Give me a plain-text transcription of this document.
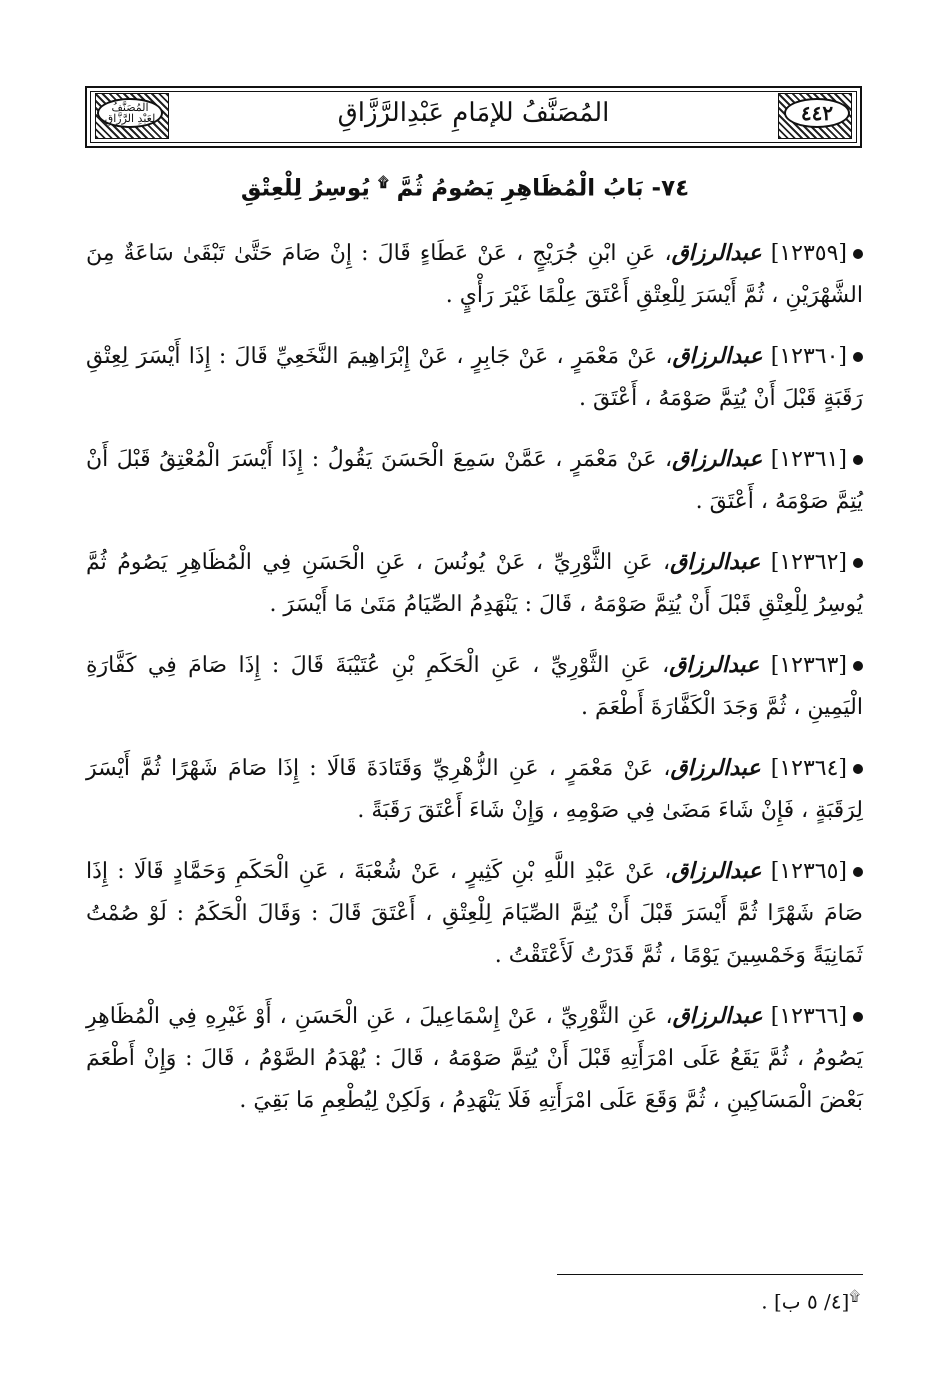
٤٤٢
المُصَنَّفُ للإمَامِ عَبْدِالرَّزَّاقِ
المُصَنَّفُ
لِعَبْدِ الرَّزَّاقِ
٧٤- بَابُ الْمُظَاهِرِ يَصُومُ ثُمَّ ۩ يُوسِرُ لِلْعِتْقِ

[١٢٣٥٩] عبدالرزاق، عَنِ ابْنِ جُرَيْجٍ ، عَنْ عَطَاءٍ قَالَ : إِنْ صَامَ حَتَّىٰ تَبْقَىٰ سَاعَةٌ مِنَ الشَّهْرَيْنِ ، ثُمَّ أَيْسَرَ لِلْعِتْقِ أَعْتَقَ عِلْمًا غَيْرَ رَأْيٍ .

[١٢٣٦٠] عبدالرزاق، عَنْ مَعْمَرٍ ، عَنْ جَابِرٍ ، عَنْ إِبْرَاهِيمَ النَّخَعِيِّ قَالَ : إِذَا أَيْسَرَ لِعِتْقِ رَقَبَةٍ قَبْلَ أَنْ يُتِمَّ صَوْمَهُ ، أَعْتَقَ .

[١٢٣٦١] عبدالرزاق، عَنْ مَعْمَرٍ ، عَمَّنْ سَمِعَ الْحَسَنَ يَقُولُ : إِذَا أَيْسَرَ الْمُعْتِقُ قَبْلَ أَنْ يُتِمَّ صَوْمَهُ ، أَعْتَقَ .

[١٢٣٦٢] عبدالرزاق، عَنِ الثَّوْرِيِّ ، عَنْ يُونُسَ ، عَنِ الْحَسَنِ فِي الْمُظَاهِرِ يَصُومُ ثُمَّ يُوسِرُ لِلْعِتْقِ قَبْلَ أَنْ يُتِمَّ صَوْمَهُ ، قَالَ : يَنْهَدِمُ الصِّيَامُ مَتَىٰ مَا أَيْسَرَ .

[١٢٣٦٣] عبدالرزاق، عَنِ الثَّوْرِيِّ ، عَنِ الْحَكَمِ بْنِ عُتَيْبَةَ قَالَ : إِذَا صَامَ فِي كَفَّارَةِ الْيَمِينِ ، ثُمَّ وَجَدَ الْكَفَّارَةَ أَطْعَمَ .

[١٢٣٦٤] عبدالرزاق، عَنْ مَعْمَرٍ ، عَنِ الزُّهْرِيِّ وَقَتَادَةَ قَالَا : إِذَا صَامَ شَهْرًا ثُمَّ أَيْسَرَ لِرَقَبَةٍ ، فَإِنْ شَاءَ مَضَىٰ فِي صَوْمِهِ ، وَإِنْ شَاءَ أَعْتَقَ رَقَبَةً .

[١٢٣٦٥] عبدالرزاق، عَنْ عَبْدِ اللَّهِ بْنِ كَثِيرٍ ، عَنْ شُعْبَةَ ، عَنِ الْحَكَمِ وَحَمَّادٍ قَالَا : إِذَا صَامَ شَهْرًا ثُمَّ أَيْسَرَ قَبْلَ أَنْ يُتِمَّ الصِّيَامَ لِلْعِتْقِ ، أَعْتَقَ قَالَ : وَقَالَ الْحَكَمُ : لَوْ صُمْتُ ثَمَانِيَةً وَخَمْسِينَ يَوْمًا ، ثُمَّ قَدَرْتُ لَأَعْتَقْتُ .

[١٢٣٦٦] عبدالرزاق، عَنِ الثَّوْرِيِّ ، عَنْ إِسْمَاعِيلَ ، عَنِ الْحَسَنِ ، أَوْ غَيْرِهِ فِي الْمُظَاهِرِ يَصُومُ ، ثُمَّ يَقَعُ عَلَى امْرَأَتِهِ قَبْلَ أَنْ يُتِمَّ صَوْمَهُ ، قَالَ : يُهْدَمُ الصَّوْمُ ، قَالَ : وَإِنْ أَطْعَمَ بَعْضَ الْمَسَاكِينِ ، ثُمَّ وَقَعَ عَلَى امْرَأَتِهِ فَلَا يَنْهَدِمُ ، وَلَكِنْ لِيُطْعِمِ مَا بَقِيَ .

۩[٤/ ٥ ب] .
